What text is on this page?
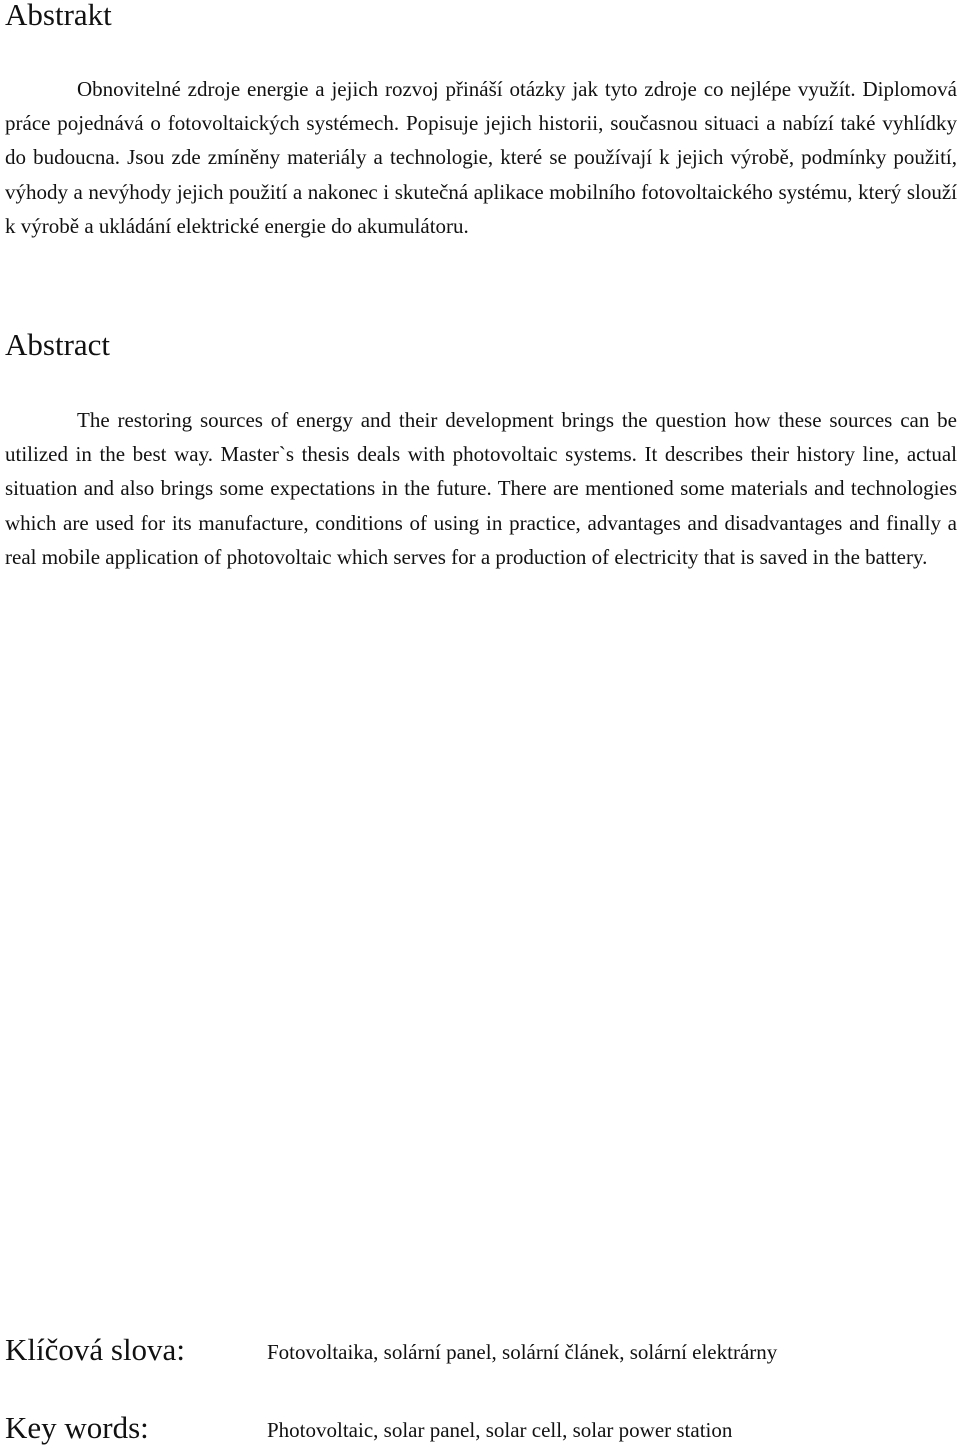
Abstrakt

Obnovitelné zdroje energie a jejich rozvoj přináší otázky jak tyto zdroje co nejlépe využít. Diplomová práce pojednává o fotovoltaických systémech. Popisuje jejich historii, současnou situaci a nabízí také vyhlídky do budoucna. Jsou zde zmíněny materiály a technologie, které se používají k jejich výrobě, podmínky použití, výhody a nevýhody jejich použití a nakonec i skutečná aplikace mobilního fotovoltaického systému, který slouží k výrobě a ukládání elektrické energie do akumulátoru.

Abstract

The restoring sources of energy and their development brings the question how these sources can be utilized in the best way. Master`s thesis deals with photovoltaic systems. It describes their history line, actual situation and also brings some expectations in the future. There are mentioned some materials and technologies which are used for its manufacture, conditions of using in practice, advantages and disadvantages and finally a real mobile application of photovoltaic which serves for a production of electricity that is saved in the battery.

Klíčová slova:	Fotovoltaika, solární panel, solární článek, solární elektrárny
Key words:	Photovoltaic, solar panel, solar cell, solar power station
